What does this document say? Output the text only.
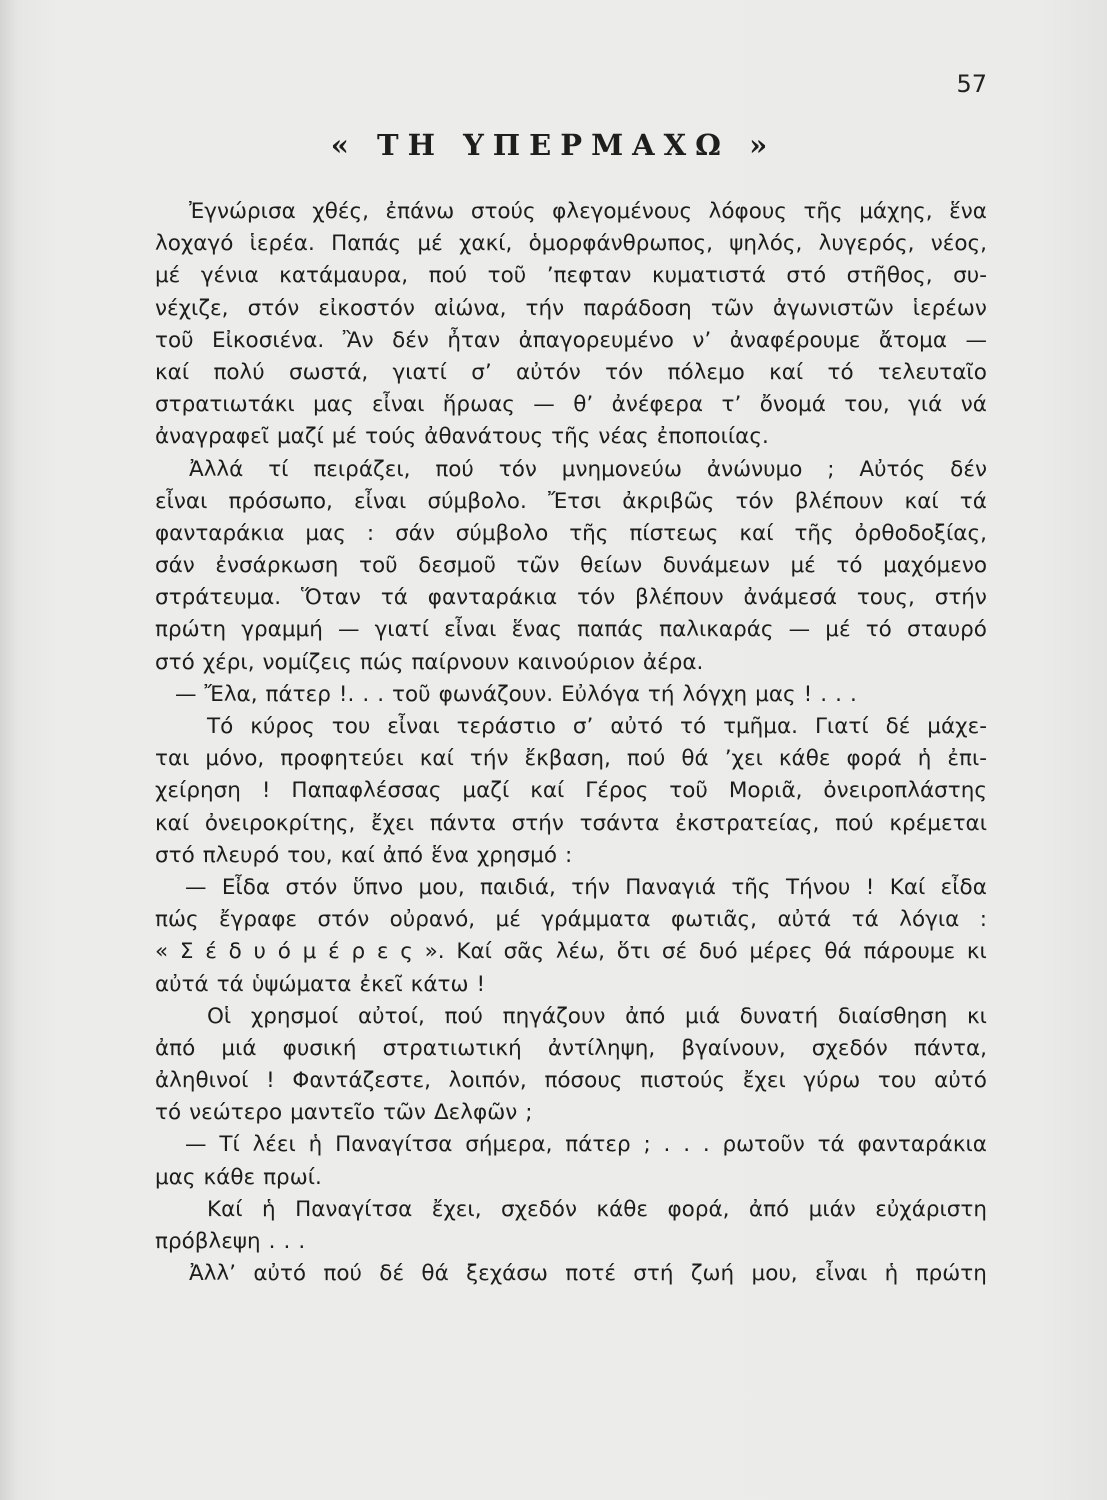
57
« ΤΗ ΥΠΕΡΜΑΧΩ »
Ἐγνώρισα χθές, ἐπάνω στούς φλεγομένους λόφους τῆς μάχης, ἕνα
λοχαγό ἱερέα. Παπάς μέ χακί, ὁμορφάνθρωπος, ψηλός, λυγερός, νέος,
μέ γένια κατάμαυρα, πού τοῦ ’πεφταν κυματιστά στό στῆθος, συ-
νέχιζε, στόν εἰκοστόν αἰώνα, τήν παράδοση τῶν ἀγωνιστῶν ἱερέων
τοῦ Εἰκοσιένα. Ἂν δέν ἦταν ἀπαγορευμένο ν’ ἀναφέρουμε ἄτομα —
καί πολύ σωστά, γιατί σ’ αὐτόν τόν πόλεμο καί τό τελευταῖο
στρατιωτάκι μας εἶναι ἥρωας — θ’ ἀνέφερα τ’ ὄνομά του, γιά νά
ἀναγραφεῖ μαζί μέ τούς ἀθανάτους τῆς νέας ἐποποιίας.
Ἀλλά τί πειράζει, πού τόν μνημονεύω ἀνώνυμο ; Αὐτός δέν
εἶναι πρόσωπο, εἶναι σύμβολο. Ἔτσι ἀκριβῶς τόν βλέπουν καί τά
φανταράκια μας : σάν σύμβολο τῆς πίστεως καί τῆς ὀρθοδοξίας,
σάν ἐνσάρκωση τοῦ δεσμοῦ τῶν θείων δυνάμεων μέ τό μαχόμενο
στράτευμα. Ὅταν τά φανταράκια τόν βλέπουν ἀνάμεσά τους, στήν
πρώτη γραμμή — γιατί εἶναι ἕνας παπάς παλικαράς — μέ τό σταυρό
στό χέρι, νομίζεις πώς παίρνουν καινούριον ἀέρα.
— Ἔλα, πάτερ !. . . τοῦ φωνάζουν. Εὐλόγα τή λόγχη μας ! . . .
Τό κύρος του εἶναι τεράστιο σ’ αὐτό τό τμῆμα. Γιατί δέ μάχε-
ται μόνο, προφητεύει καί τήν ἔκβαση, πού θά ’χει κάθε φορά ἡ ἐπι-
χείρηση ! Παπαφλέσσας μαζί καί Γέρος τοῦ Μοριᾶ, ὀνειροπλάστης
καί ὀνειροκρίτης, ἔχει πάντα στήν τσάντα ἐκστρατείας, πού κρέμεται
στό πλευρό του, καί ἀπό ἕνα χρησμό :
— Εἶδα στόν ὕπνο μου, παιδιά, τήν Παναγιά τῆς Τήνου ! Καί εἶδα
πώς ἔγραφε στόν οὐρανό, μέ γράμματα φωτιᾶς, αὐτά τά λόγια :
« Σ έ δ υ ό μ έ ρ ε ς ». Καί σᾶς λέω, ὅτι σέ δυό μέρες θά πάρουμε κι
αὐτά τά ὑψώματα ἐκεῖ κάτω !
Οἱ χρησμοί αὐτοί, πού πηγάζουν ἀπό μιά δυνατή διαίσθηση κι
ἀπό μιά φυσική στρατιωτική ἀντίληψη, βγαίνουν, σχεδόν πάντα,
ἀληθινοί ! Φαντάζεστε, λοιπόν, πόσους πιστούς ἔχει γύρω του αὐτό
τό νεώτερο μαντεῖο τῶν Δελφῶν ;
— Τί λέει ἡ Παναγίτσα σήμερα, πάτερ ; . . . ρωτοῦν τά φανταράκια
μας κάθε πρωί.
Καί ἡ Παναγίτσα ἔχει, σχεδόν κάθε φορά, ἀπό μιάν εὐχάριστη
πρόβλεψη . . .
Ἀλλ’ αὐτό πού δέ θά ξεχάσω ποτέ στή ζωή μου, εἶναι ἡ πρώτη
